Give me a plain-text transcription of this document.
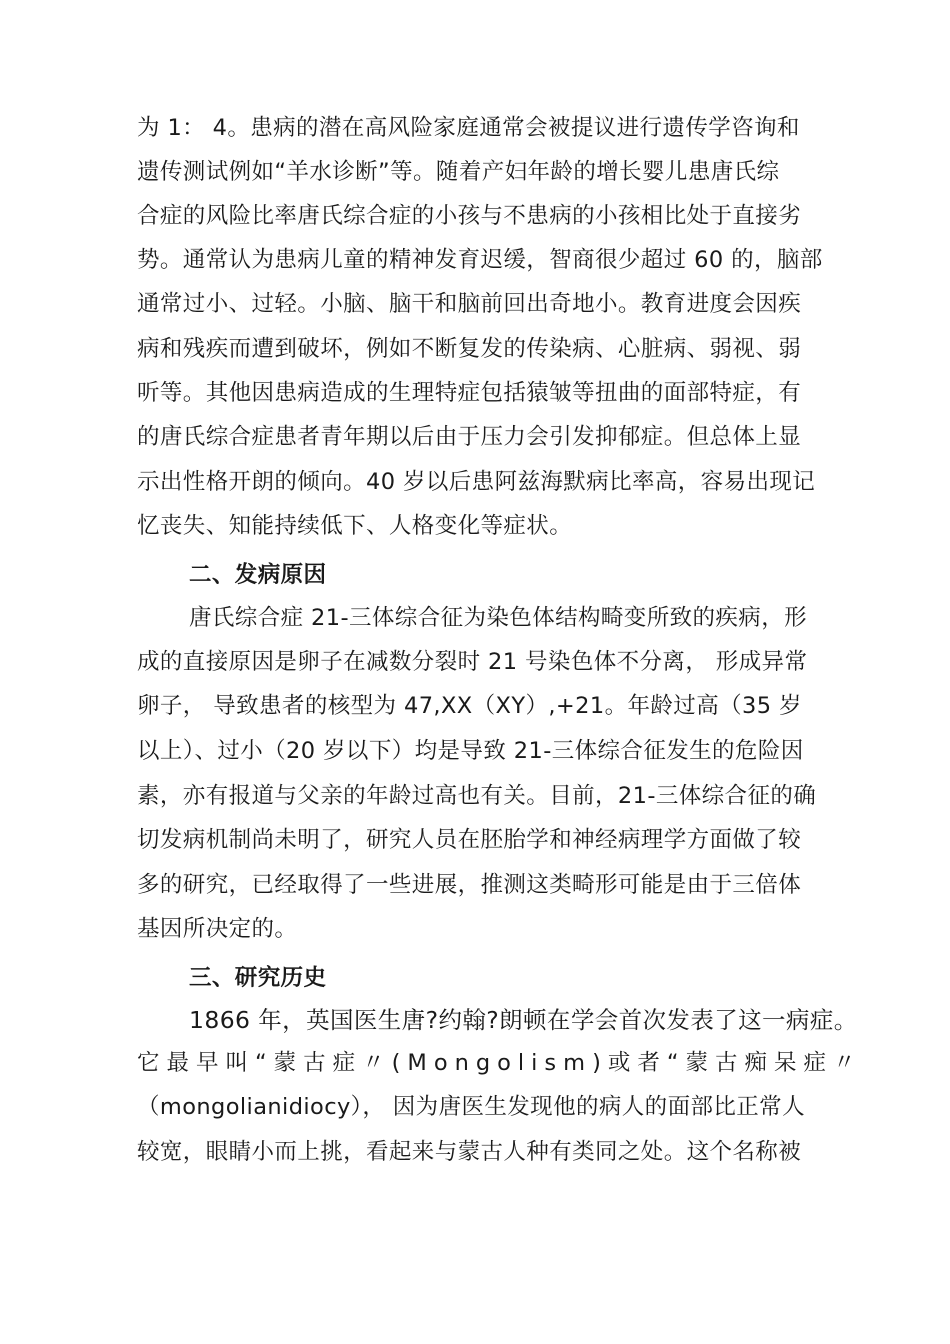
为 1： 4。患病的潜在高风险家庭通常会被提议进行遗传学咨询和
遗传测试例如“羊水诊断”等。随着产妇年龄的增长婴儿患唐氏综
合症的风险比率唐氏综合症的小孩与不患病的小孩相比处于直接劣
势。通常认为患病儿童的精神发育迟缓，智商很少超过 60 的，脑部
通常过小、过轻。小脑、脑干和脑前回出奇地小。教育进度会因疾
病和残疾而遭到破坏，例如不断复发的传染病、心脏病、弱视、弱
听等。其他因患病造成的生理特症包括猿皱等扭曲的面部特症，有
的唐氏综合症患者青年期以后由于压力会引发抑郁症。但总体上显
示出性格开朗的倾向。40 岁以后患阿兹海默病比率高，容易出现记
忆丧失、知能持续低下、人格变化等症状。
二、发病原因
唐氏综合症 21-三体综合征为染色体结构畸变所致的疾病，形
成的直接原因是卵子在减数分裂时 21 号染色体不分离， 形成异常
卵子， 导致患者的核型为 47,XX（XY）,+21。年龄过高（35 岁
以上）、过小（20 岁以下）均是导致 21-三体综合征发生的危险因
素，亦有报道与父亲的年龄过高也有关。目前，21-三体综合征的确
切发病机制尚未明了，研究人员在胚胎学和神经病理学方面做了较
多的研究，已经取得了一些进展，推测这类畸形可能是由于三倍体
基因所决定的。
三、研究历史
1866 年，英国医生唐?约翰?朗顿在学会首次发表了这一病症。
它最早叫“蒙古症〃(Mongolism)或者“蒙古痴呆症〃
（mongolianidiocy）， 因为唐医生发现他的病人的面部比正常人
较宽，眼睛小而上挑，看起来与蒙古人种有类同之处。这个名称被
